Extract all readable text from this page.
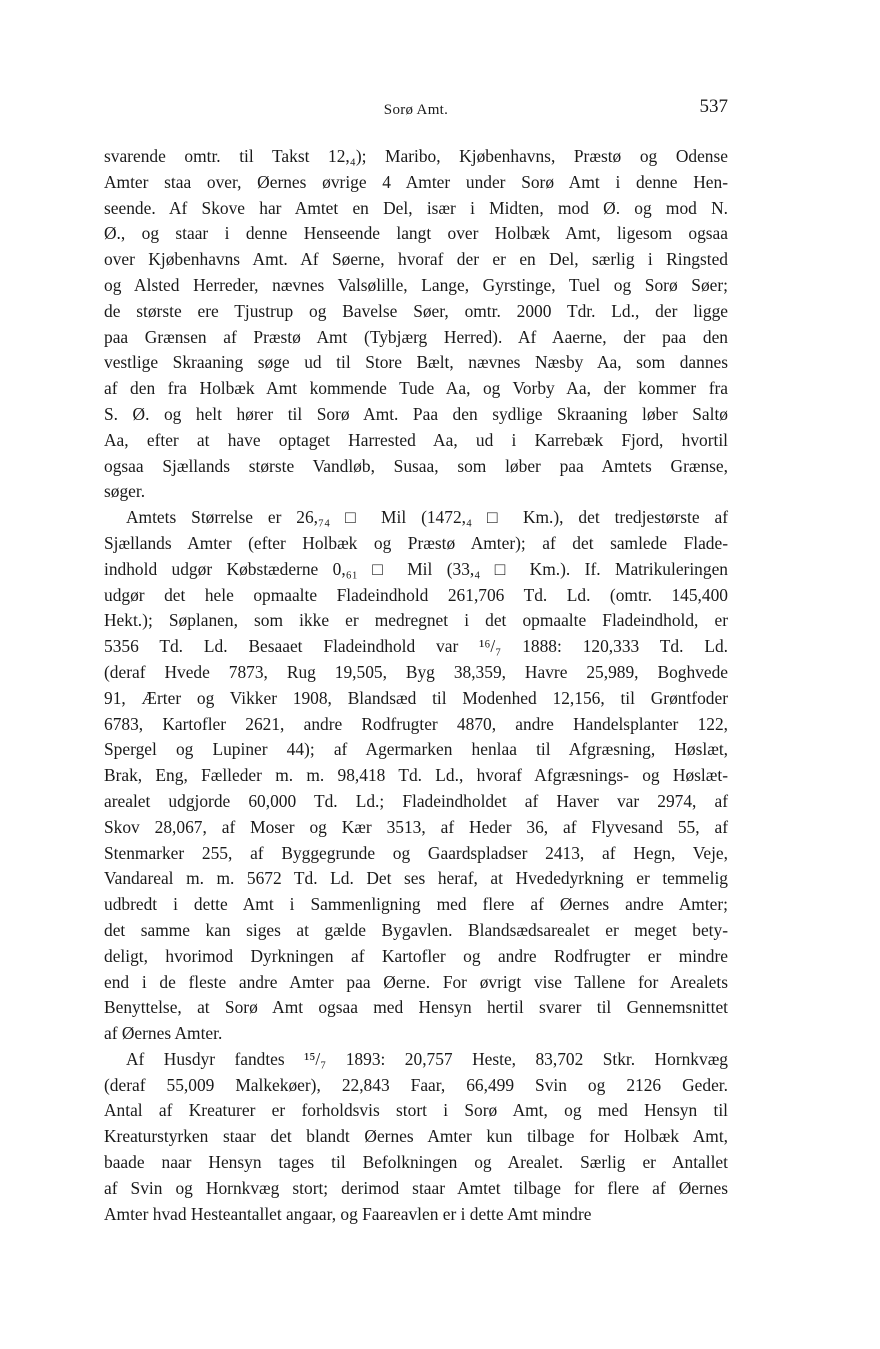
Sorø Amt.	537
svarende omtr. til Takst 12,₄); Maribo, Kjøbenhavns, Præstø og Odense
Amter staa over, Øernes øvrige 4 Amter under Sorø Amt i denne Hen-
seende. Af Skove har Amtet en Del, især i Midten, mod Ø. og mod N.
Ø., og staar i denne Henseende langt over Holbæk Amt, ligesom ogsaa
over Kjøbenhavns Amt. Af Søerne, hvoraf der er en Del, særlig i Ringsted
og Alsted Herreder, nævnes Valsølille, Lange, Gyrstinge, Tuel og Sorø Søer;
de største ere Tjustrup og Bavelse Søer, omtr. 2000 Tdr. Ld., der ligge
paa Grænsen af Præstø Amt (Tybjærg Herred). Af Aaerne, der paa den
vestlige Skraaning søge ud til Store Bælt, nævnes Næsby Aa, som dannes
af den fra Holbæk Amt kommende Tude Aa, og Vorby Aa, der kommer fra
S. Ø. og helt hører til Sorø Amt. Paa den sydlige Skraaning løber Saltø
Aa, efter at have optaget Harrested Aa, ud i Karrebæk Fjord, hvortil
ogsaa Sjællands største Vandløb, Susaa, som løber paa Amtets Grænse,
søger.
Amtets Størrelse er 26,₇₄ □ Mil (1472,₄ □ Km.), det tredjestørste af
Sjællands Amter (efter Holbæk og Præstø Amter); af det samlede Flade-
indhold udgør Købstæderne 0,₆₁ □ Mil (33,₄ □ Km.). If. Matrikuleringen
udgør det hele opmaalte Fladeindhold 261,706 Td. Ld. (omtr. 145,400
Hekt.); Søplanen, som ikke er medregnet i det opmaalte Fladeindhold, er
5356 Td. Ld. Besaaet Fladeindhold var ¹⁶/₇ 1888: 120,333 Td. Ld.
(deraf Hvede 7873, Rug 19,505, Byg 38,359, Havre 25,989, Boghvede
91, Ærter og Vikker 1908, Blandsæd til Modenhed 12,156, til Grøntfoder
6783, Kartofler 2621, andre Rodfrugter 4870, andre Handelsplanter 122,
Spergel og Lupiner 44); af Agermarken henlaa til Afgræsning, Høslæt,
Brak, Eng, Fælleder m. m. 98,418 Td. Ld., hvoraf Afgræsnings- og Høslæt-
arealet udgjorde 60,000 Td. Ld.; Fladeindholdet af Haver var 2974, af
Skov 28,067, af Moser og Kær 3513, af Heder 36, af Flyvesand 55, af
Stenmarker 255, af Byggegrunde og Gaardspladser 2413, af Hegn, Veje,
Vandareal m. m. 5672 Td. Ld. Det ses heraf, at Hvededyrkning er temmelig
udbredt i dette Amt i Sammenligning med flere af Øernes andre Amter;
det samme kan siges at gælde Bygavlen. Blandsædsarealet er meget bety-
deligt, hvorimod Dyrkningen af Kartofler og andre Rodfrugter er mindre
end i de fleste andre Amter paa Øerne. For øvrigt vise Tallene for Arealets
Benyttelse, at Sorø Amt ogsaa med Hensyn hertil svarer til Gennemsnittet
af Øernes Amter.
Af Husdyr fandtes ¹⁵/₇ 1893: 20,757 Heste, 83,702 Stkr. Hornkvæg
(deraf 55,009 Malkekøer), 22,843 Faar, 66,499 Svin og 2126 Geder.
Antal af Kreaturer er forholdsvis stort i Sorø Amt, og med Hensyn til
Kreaturstyrken staar det blandt Øernes Amter kun tilbage for Holbæk Amt,
baade naar Hensyn tages til Befolkningen og Arealet. Særlig er Antallet
af Svin og Hornkvæg stort; derimod staar Amtet tilbage for flere af Øernes
Amter hvad Hesteantallet angaar, og Faareavlen er i dette Amt mindre
